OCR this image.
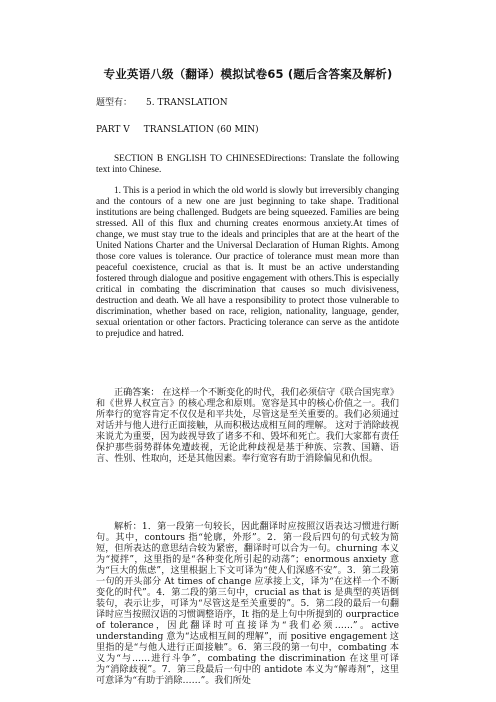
专业英语八级（翻译）模拟试卷65 (题后含答案及解析)
题型有： 5. TRANSLATION
PART V TRANSLATION (60 MIN)
SECTION B ENGLISH TO CHINESEDirections: Translate the following text into Chinese.
1. This is a period in which the old world is slowly but irreversibly changing and the contours of a new one are just beginning to take shape. Traditional institutions are being challenged. Budgets are being squeezed. Families are being stressed. All of this flux and churning creates enormous anxiety.At times of change, we must stay true to the ideals and principles that are at the heart of the United Nations Charter and the Universal Declaration of Human Rights. Among those core values is tolerance. Our practice of tolerance must mean more than peaceful coexistence, crucial as that is. It must be an active understanding fostered through dialogue and positive engagement with others.This is especially critical in combating the discrimination that causes so much divisiveness, destruction and death. We all have a responsibility to protect those vulnerable to discrimination, whether based on race, religion, nationality, language, gender, sexual orientation or other factors. Practicing tolerance can serve as the antidote to prejudice and hatred.
正确答案： 在这样一个不断变化的时代，我们必须信守《联合国宪章》和《世界人权宣言》的核心理念和原则。宽容是其中的核心价值之一。我们所奉行的宽容肯定不仅仅是和平共处，尽管这是至关重要的。我们必须通过对话并与他人进行正面接触，从而积极达成相互间的理解。 这对于消除歧视来说尤为重要，因为歧视导致了诸多不和、毁坏和死亡。我们大家都有责任保护那些弱势群体免遭歧视，无论此种歧视是基于种族、宗教、国籍、语言、性别、性取向，还是其他因素。奉行宽容有助于消除偏见和仇恨。
解析：1．第一段第一句较长，因此翻译时应按照汉语表达习惯进行断句。其中，contours 指“轮廓，外形”。2．第一段后四句的句式较为简短，但所表达的意思结合较为紧密，翻译时可以合为一句。churning 本义为“搅拌”，这里指的是“各种变化所引起的动荡”；enormous anxiety 意为“巨大的焦虑”，这里根据上下文可译为“使人们深感不安”。3．第二段第一句的开头部分 At times of change 应承接上文，译为“在这样一个不断变化的时代”。4．第二段的第三句中，crucial as that is 是典型的英语倒装句，表示让步，可译为“尽管这是至关重要的”。5．第二段的最后一句翻译时应当按照汉语的习惯调整语序，It 指的是上句中所提到的 ourpractice of tolerance，因此翻译时可直接译为“我们必须……”。active understanding 意为“达成相互间的理解”，而 positive engagement 这里指的是“与他人进行正面接触”。6．第三段的第一句中，combating 本义为“与……进行斗争”，combating the discrimination 在这里可译为“消除歧视”。7．第三段最后一句中的 antidote 本义为“解毒剂”，这里可意译为“有助于消除……”。我们所处
